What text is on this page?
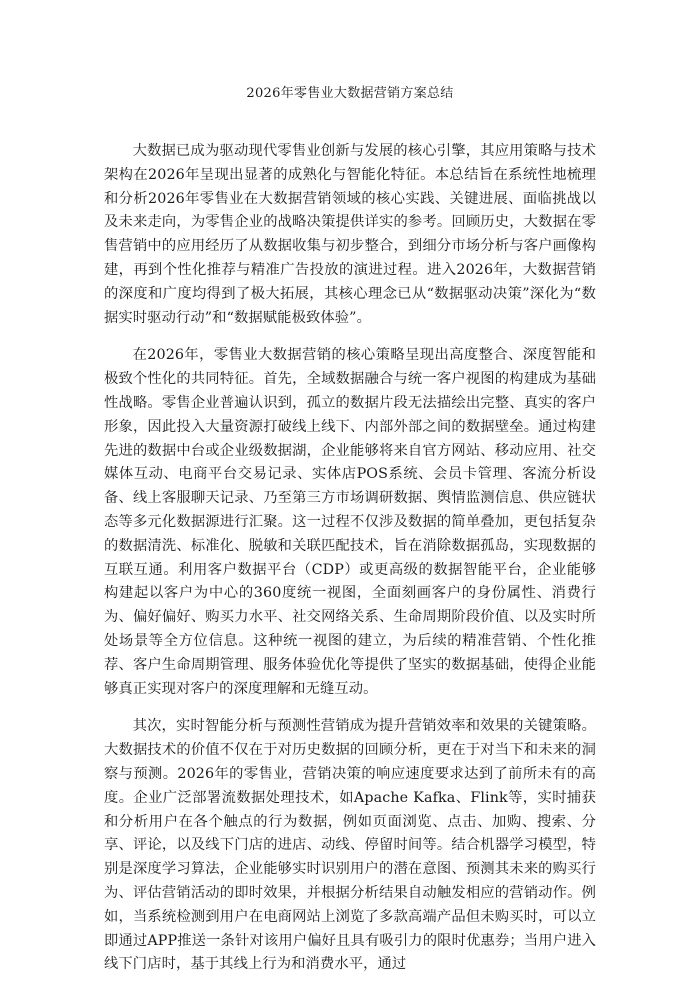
2026年零售业大数据营销方案总结

大数据已成为驱动现代零售业创新与发展的核心引擎，其应用策略与技术架构在2026年呈现出显著的成熟化与智能化特征。本总结旨在系统性地梳理和分析2026年零售业在大数据营销领域的核心实践、关键进展、面临挑战以及未来走向，为零售企业的战略决策提供详实的参考。回顾历史，大数据在零售营销中的应用经历了从数据收集与初步整合，到细分市场分析与客户画像构建，再到个性化推荐与精准广告投放的演进过程。进入2026年，大数据营销的深度和广度均得到了极大拓展，其核心理念已从“数据驱动决策”深化为“数据实时驱动行动”和“数据赋能极致体验”。

在2026年，零售业大数据营销的核心策略呈现出高度整合、深度智能和极致个性化的共同特征。首先，全域数据融合与统一客户视图的构建成为基础性战略。零售企业普遍认识到，孤立的数据片段无法描绘出完整、真实的客户形象，因此投入大量资源打破线上线下、内部外部之间的数据壁垒。通过构建先进的数据中台或企业级数据湖，企业能够将来自官方网站、移动应用、社交媒体互动、电商平台交易记录、实体店POS系统、会员卡管理、客流分析设备、线上客服聊天记录、乃至第三方市场调研数据、舆情监测信息、供应链状态等多元化数据源进行汇聚。这一过程不仅涉及数据的简单叠加，更包括复杂的数据清洗、标准化、脱敏和关联匹配技术，旨在消除数据孤岛，实现数据的互联互通。利用客户数据平台（CDP）或更高级的数据智能平台，企业能够构建起以客户为中心的360度统一视图，全面刻画客户的身份属性、消费行为、偏好偏好、购买力水平、社交网络关系、生命周期阶段价值、以及实时所处场景等全方位信息。这种统一视图的建立，为后续的精准营销、个性化推荐、客户生命周期管理、服务体验优化等提供了坚实的数据基础，使得企业能够真正实现对客户的深度理解和无缝互动。

其次，实时智能分析与预测性营销成为提升营销效率和效果的关键策略。大数据技术的价值不仅在于对历史数据的回顾分析，更在于对当下和未来的洞察与预测。2026年的零售业，营销决策的响应速度要求达到了前所未有的高度。企业广泛部署流数据处理技术，如Apache Kafka、Flink等，实时捕获和分析用户在各个触点的行为数据，例如页面浏览、点击、加购、搜索、分享、评论，以及线下门店的进店、动线、停留时间等。结合机器学习模型，特别是深度学习算法，企业能够实时识别用户的潜在意图、预测其未来的购买行为、评估营销活动的即时效果，并根据分析结果自动触发相应的营销动作。例如，当系统检测到用户在电商网站上浏览了多款高端产品但未购买时，可以立即通过APP推送一条针对该用户偏好且具有吸引力的限时优惠券；当用户进入线下门店时，基于其线上行为和消费水平，通过
